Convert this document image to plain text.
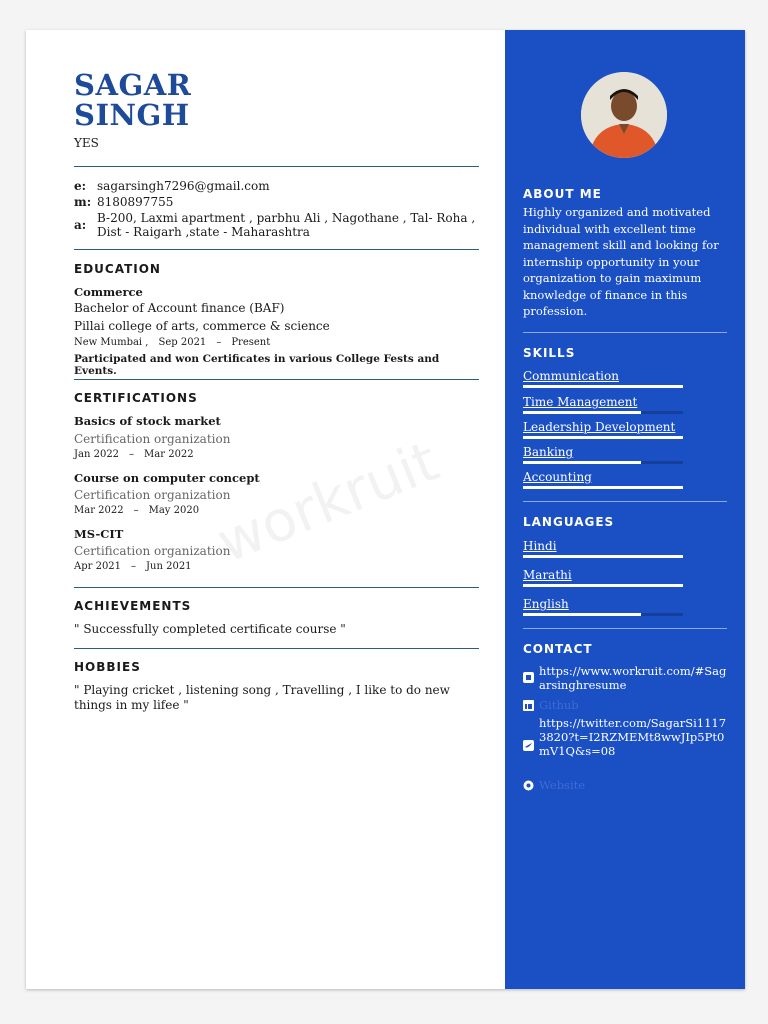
workruit
SAGAR
SINGH
YES
e: sagarsingh7296@gmail.com
m: 8180897755
a: B-200, Laxmi apartment , parbhu Ali , Nagothane , Tal- Roha , Dist - Raigarh ,state - Maharashtra
EDUCATION
Commerce
Bachelor of Account finance (BAF)
Pillai college of arts, commerce & science
New Mumbai , Sep 2021 – Present
Participated and won Certificates in various College Fests and Events.
CERTIFICATIONS
Basics of stock market
Certification organization
Jan 2022 – Mar 2022
Course on computer concept
Certification organization
Mar 2022 – May 2020
MS-CIT
Certification organization
Apr 2021 – Jun 2021
ACHIEVEMENTS
" Successfully completed certificate course "
HOBBIES
" Playing cricket , listening song , Travelling , I like to do new things in my lifee "
ABOUT ME
Highly organized and motivated individual with excellent time management skill and looking for internship opportunity in your organization to gain maximum knowledge of finance in this profession.
SKILLS
Communication
Time Management
Leadership Development
Banking
Accounting
LANGUAGES
Hindi
Marathi
English
CONTACT
https://www.workruit.com/#Sagarsinghresume
Github
https://twitter.com/SagarSi11173820?t=I2RZMEMt8wwJIp5Pt0mV1Q&s=08
Website
